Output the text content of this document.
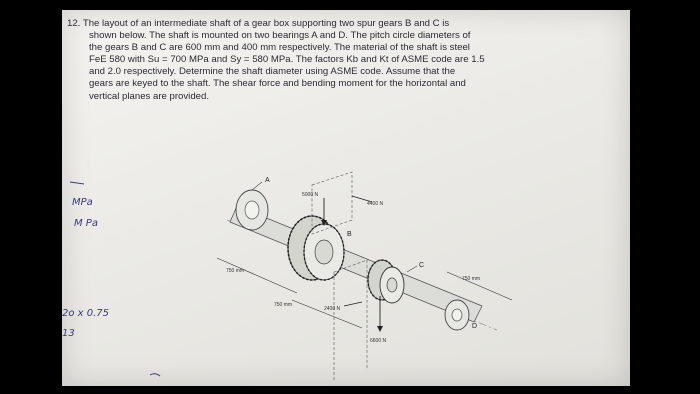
12. The layout of an intermediate shaft of a gear box supporting two spur gears B and C is
shown below. The shaft is mounted on two bearings A and D. The pitch circle diameters of
the gears B and C are 600 mm and 400 mm respectively. The material of the shaft is steel
FeE 580 with Su = 700 MPa and Sy = 580 MPa. The factors Kb and Kt of ASME code are 1.5
and 2.0 respectively. Determine the shaft diameter using ASME code. Assume that the
gears are keyed to the shaft. The shear force and bending moment for the horizontal and
vertical planes are provided.
MPa
M Pa
2o x 0.75
13
A
B
C
D
5000 N
4400 N
2400 N
6600 N
750 mm
750 mm
750 mm
